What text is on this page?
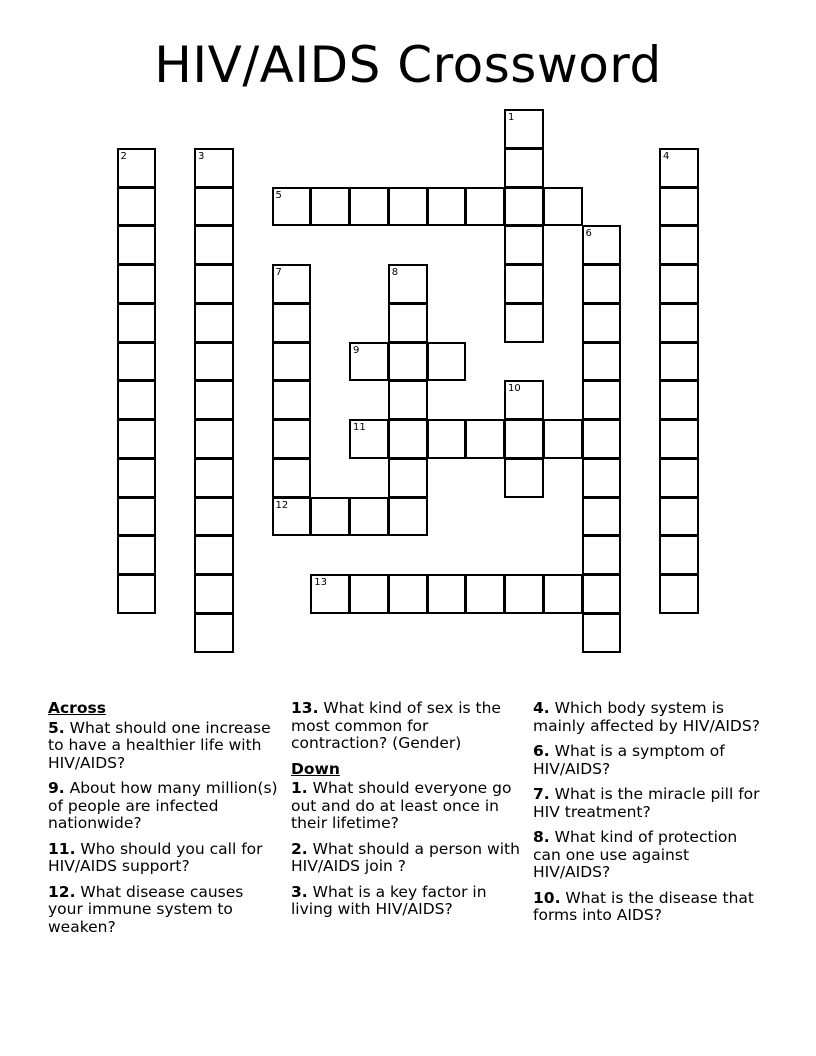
HIV/AIDS Crossword
1
2	3	4
5
6
7
12
8
9
10
11
13
Across
5. What should one increase to have a healthier life with HIV/AIDS?
9. About how many million(s) of people are infected nationwide?
11. Who should you call for HIV/AIDS support?
12. What disease causes your immune system to weaken?
13. What kind of sex is the most common for contraction? (Gender)
Down
1. What should everyone go out and do at least once in their lifetime?
2. What should a person with HIV/AIDS join ?
3. What is a key factor in living with HIV/AIDS?
4. Which body system is mainly affected by HIV/AIDS?
6. What is a symptom of HIV/AIDS?
7. What is the miracle pill for HIV treatment?
8. What kind of protection can one use against HIV/AIDS?
10. What is the disease that forms into AIDS?
